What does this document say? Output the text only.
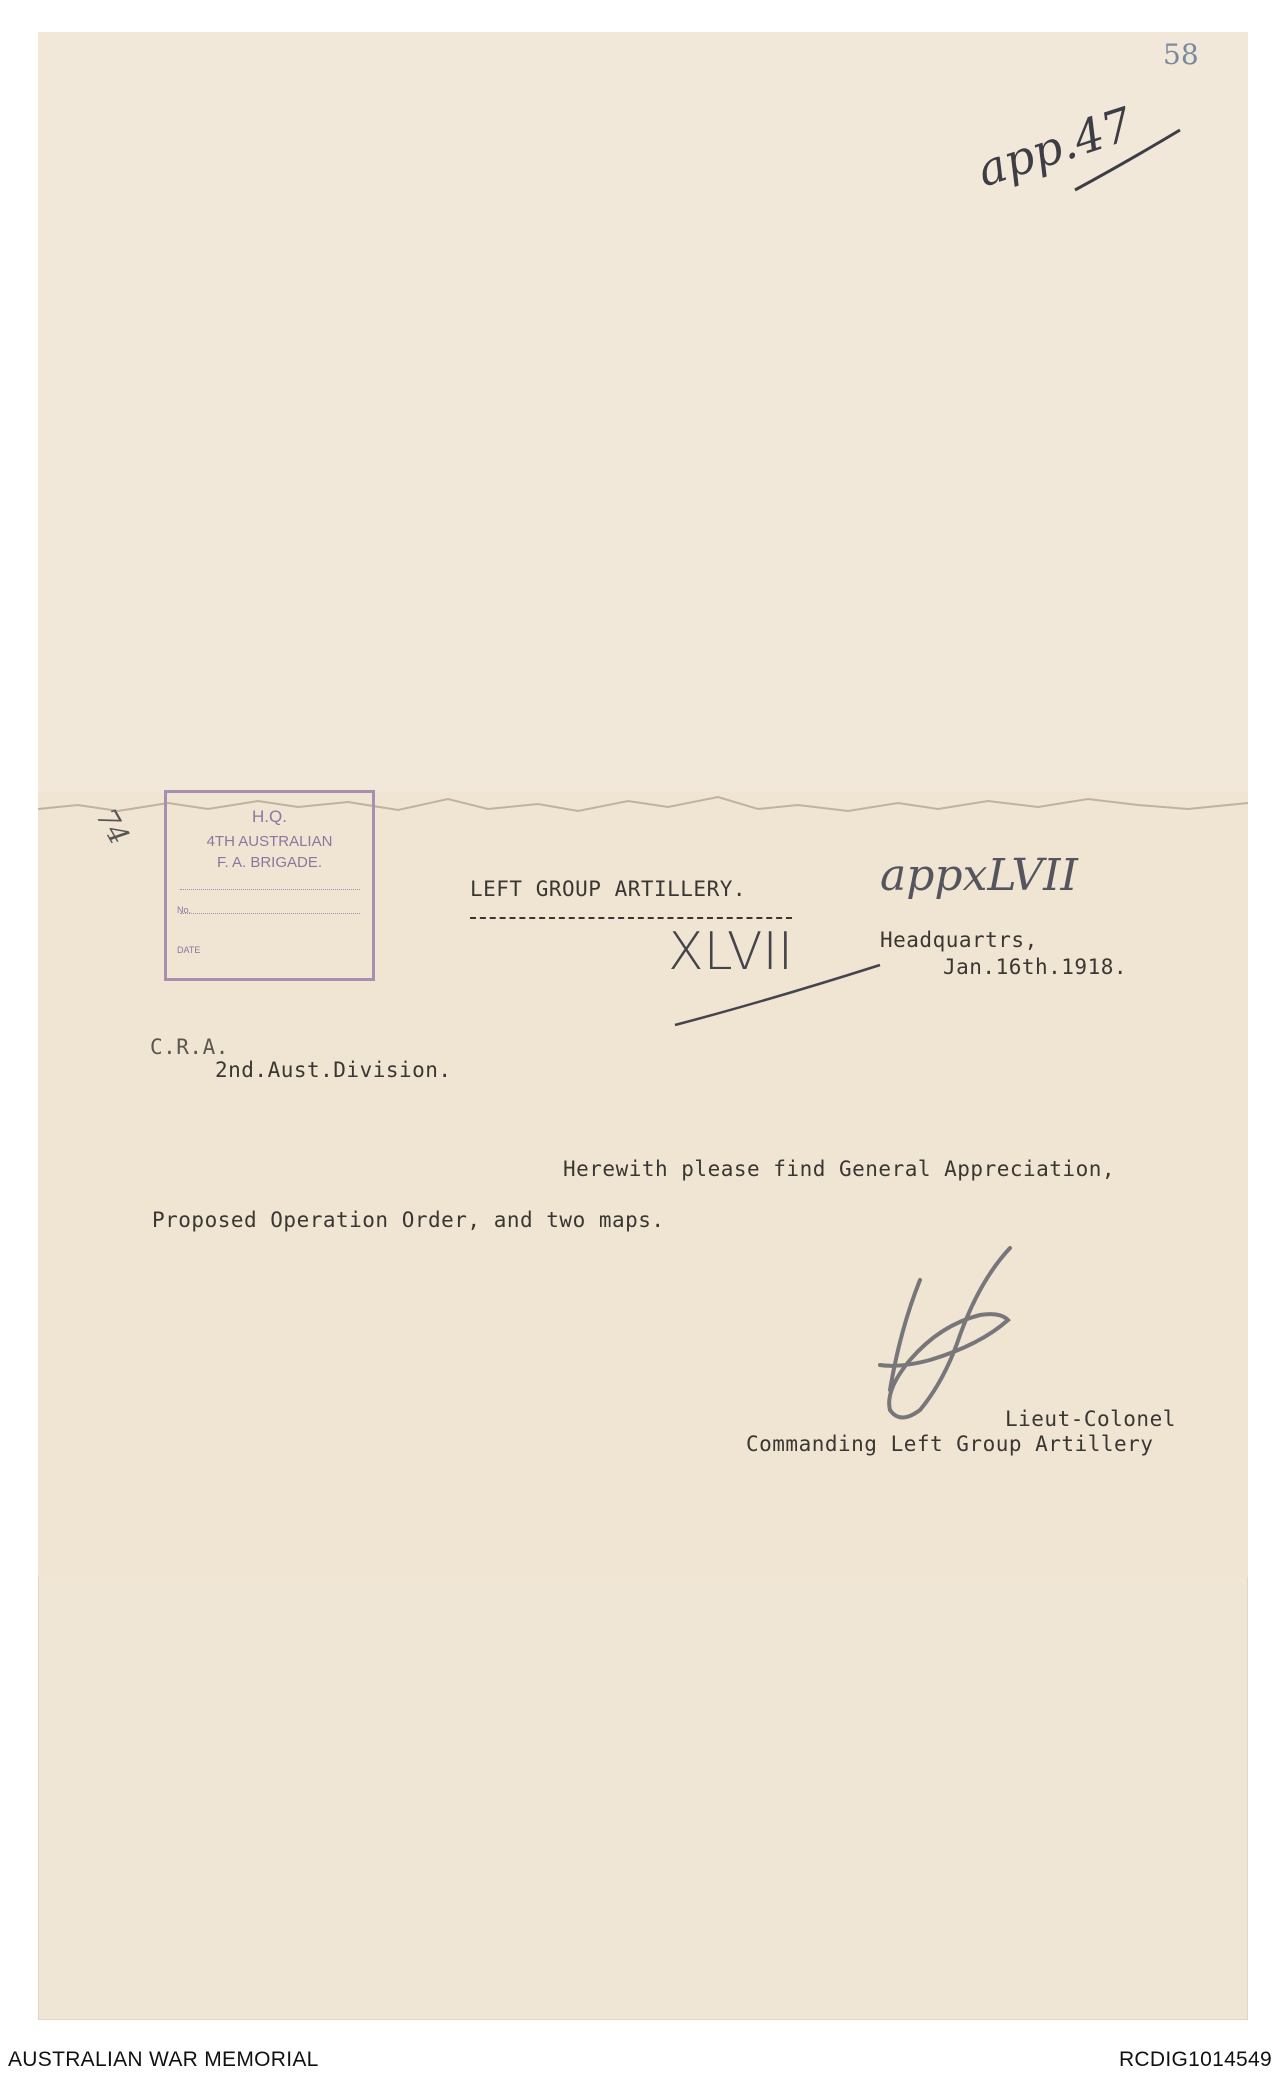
58
app.47
74	H.Q.
4TH AUSTRALIAN
F. A. BRIGADE.
No.
DATE
LEFT GROUP ARTILLERY.	appxLVII
XLVII	Headquartrs,
Jan.16th.1918.
C.R.A.
2nd.Aust.Division.
Herewith please find General Appreciation,
Proposed Operation Order, and two maps.
Lieut-Colonel
Commanding Left Group Artillery
AUSTRALIAN WAR MEMORIAL	RCDIG1014549
